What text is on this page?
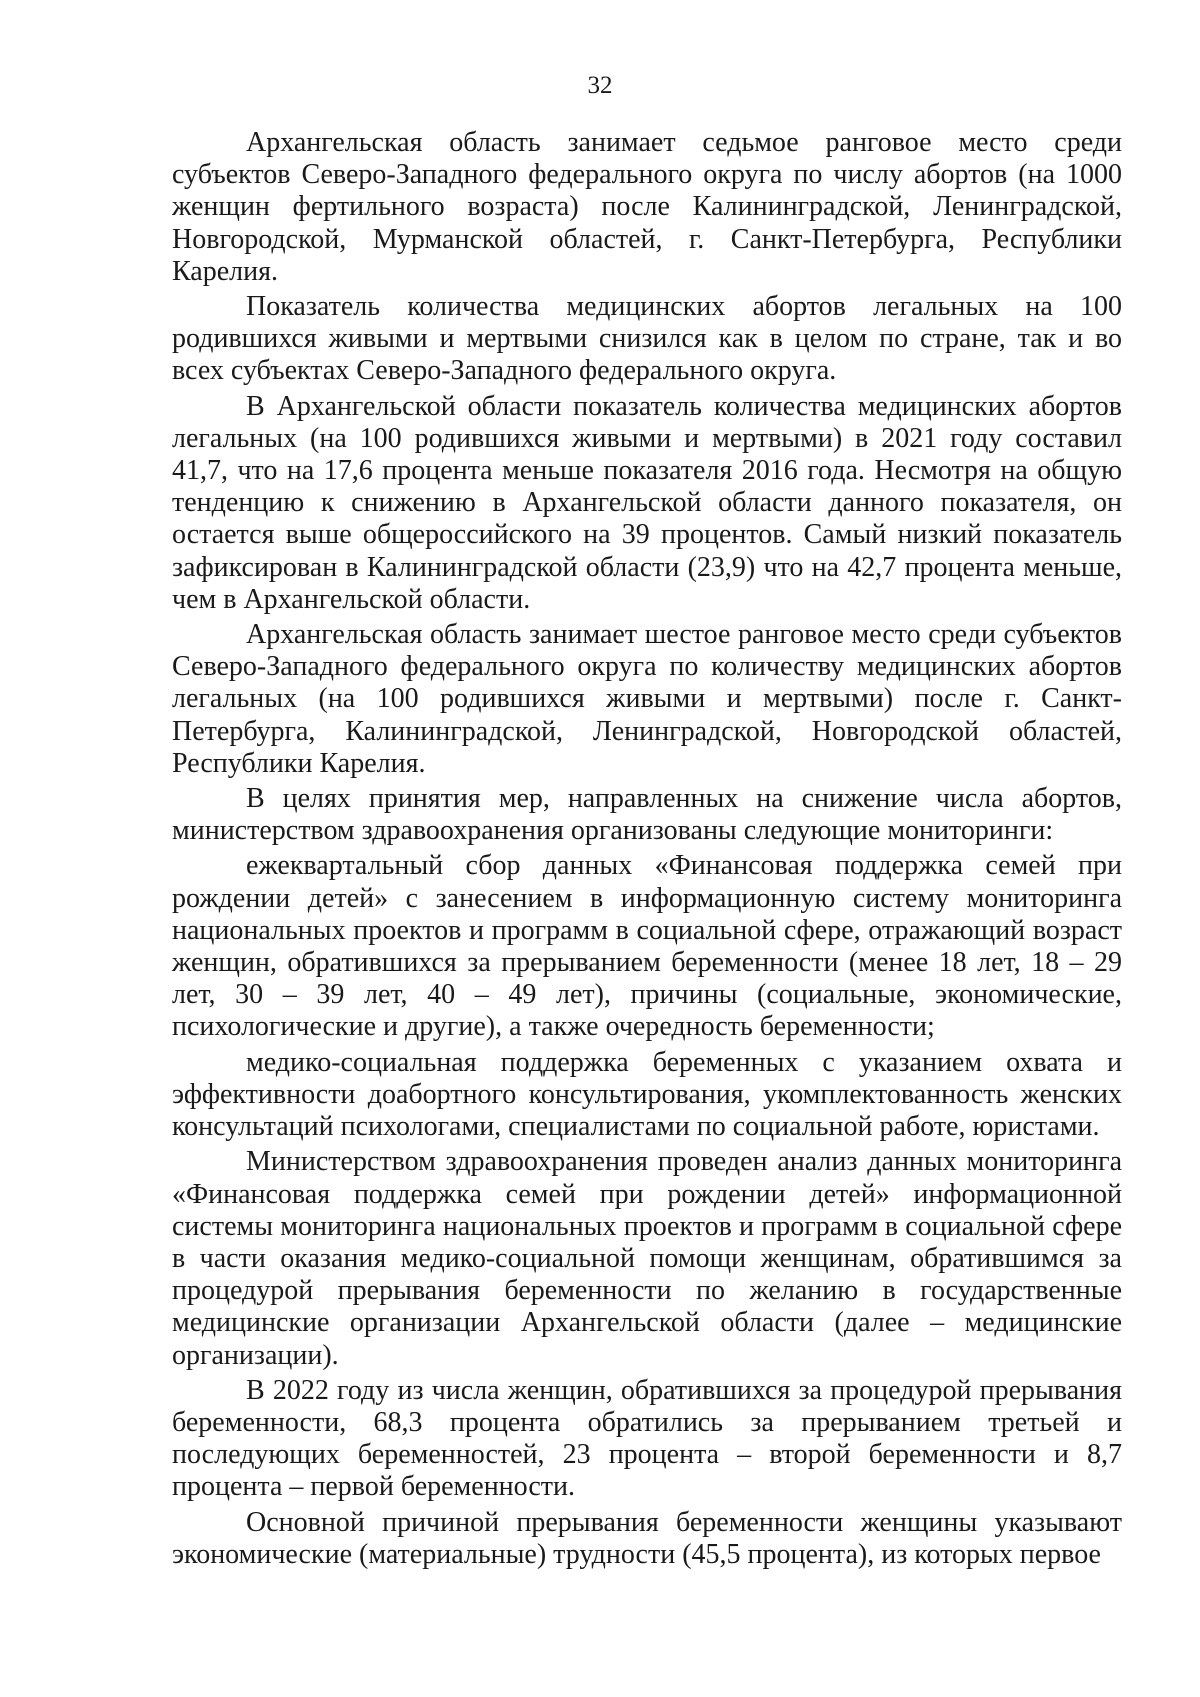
32

Архангельская область занимает седьмое ранговое место среди субъектов Северо-Западного федерального округа по числу абортов (на 1000 женщин фертильного возраста) после Калининградской, Ленинградской, Новгородской, Мурманской областей, г. Санкт-Петербурга, Республики Карелия.

Показатель количества медицинских абортов легальных на 100 родившихся живыми и мертвыми снизился как в целом по стране, так и во всех субъектах Северо-Западного федерального округа.

В Архангельской области показатель количества медицинских абортов легальных (на 100 родившихся живыми и мертвыми) в 2021 году составил 41,7, что на 17,6 процента меньше показателя 2016 года. Несмотря на общую тенденцию к снижению в Архангельской области данного показателя, он остается выше общероссийского на 39 процентов. Самый низкий показатель зафиксирован в Калининградской области (23,9) что на 42,7 процента меньше, чем в Архангельской области.

Архангельская область занимает шестое ранговое место среди субъектов Северо-Западного федерального округа по количеству медицинских абортов легальных (на 100 родившихся живыми и мертвыми) после г. Санкт-Петербурга, Калининградской, Ленинградской, Новгородской областей, Республики Карелия.

В целях принятия мер, направленных на снижение числа абортов, министерством здравоохранения организованы следующие мониторинги:

ежеквартальный сбор данных «Финансовая поддержка семей при рождении детей» с занесением в информационную систему мониторинга национальных проектов и программ в социальной сфере, отражающий возраст женщин, обратившихся за прерыванием беременности (менее 18 лет, 18 – 29 лет, 30 – 39 лет, 40 – 49 лет), причины (социальные, экономические, психологические и другие), а также очередность беременности;

медико-социальная поддержка беременных с указанием охвата и эффективности доабортного консультирования, укомплектованность женских консультаций психологами, специалистами по социальной работе, юристами.

Министерством здравоохранения проведен анализ данных мониторинга «Финансовая поддержка семей при рождении детей» информационной системы мониторинга национальных проектов и программ в социальной сфере в части оказания медико-социальной помощи женщинам, обратившимся за процедурой прерывания беременности по желанию в государственные медицинские организации Архангельской области (далее – медицинские организации).

В 2022 году из числа женщин, обратившихся за процедурой прерывания беременности, 68,3 процента обратились за прерыванием третьей и последующих беременностей, 23 процента – второй беременности и 8,7 процента – первой беременности.

Основной причиной прерывания беременности женщины указывают экономические (материальные) трудности (45,5 процента), из которых первое
